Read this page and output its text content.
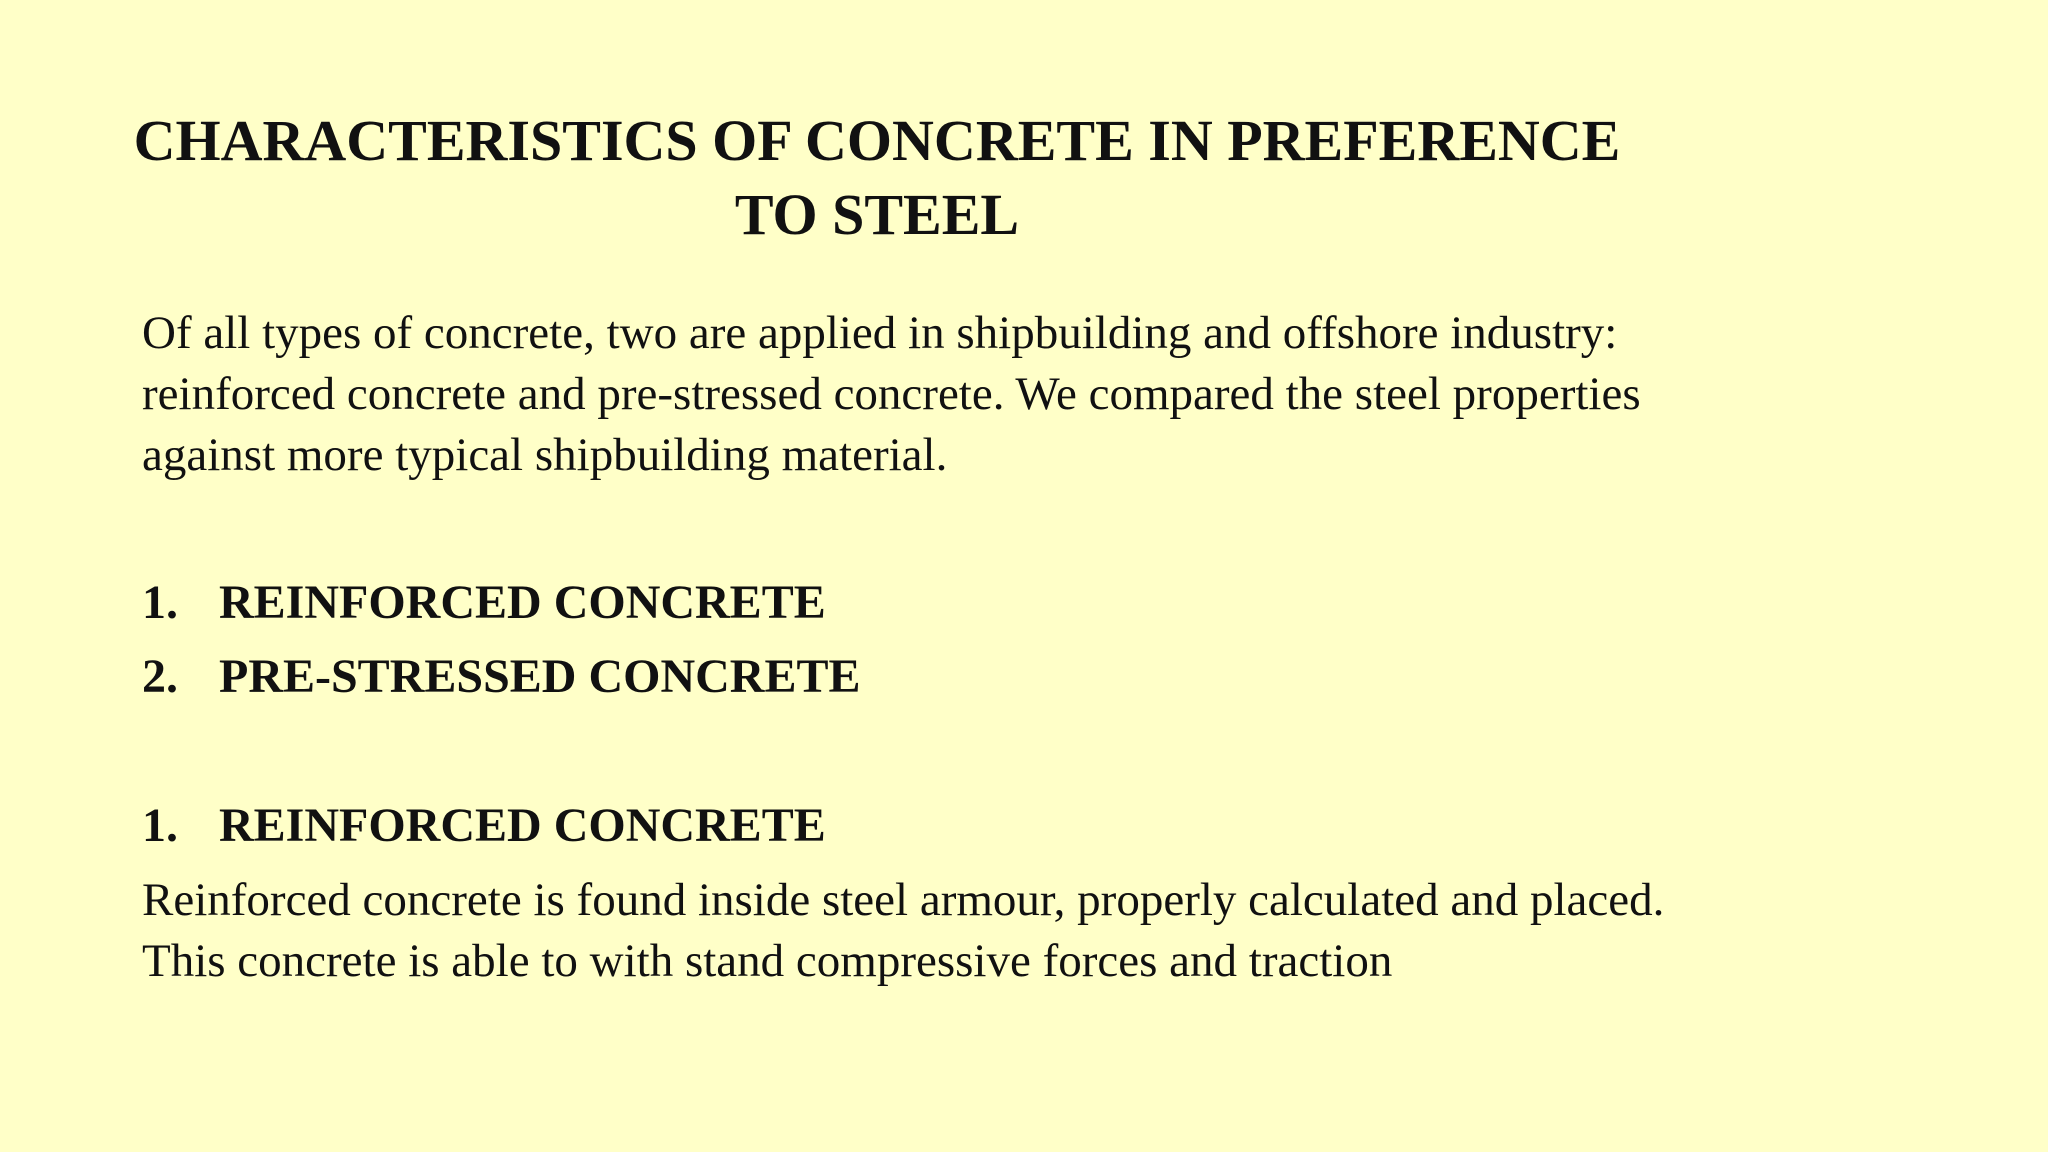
CHARACTERISTICS OF CONCRETE IN PREFERENCE
TO STEEL

Of all types of concrete, two are applied in shipbuilding and offshore industry:
reinforced concrete and pre-stressed concrete. We compared the steel properties
against more typical shipbuilding material.

1. REINFORCED CONCRETE
2. PRE-STRESSED CONCRETE
1. REINFORCED CONCRETE

Reinforced concrete is found inside steel armour, properly calculated and placed.
This concrete is able to with stand compressive forces and traction
